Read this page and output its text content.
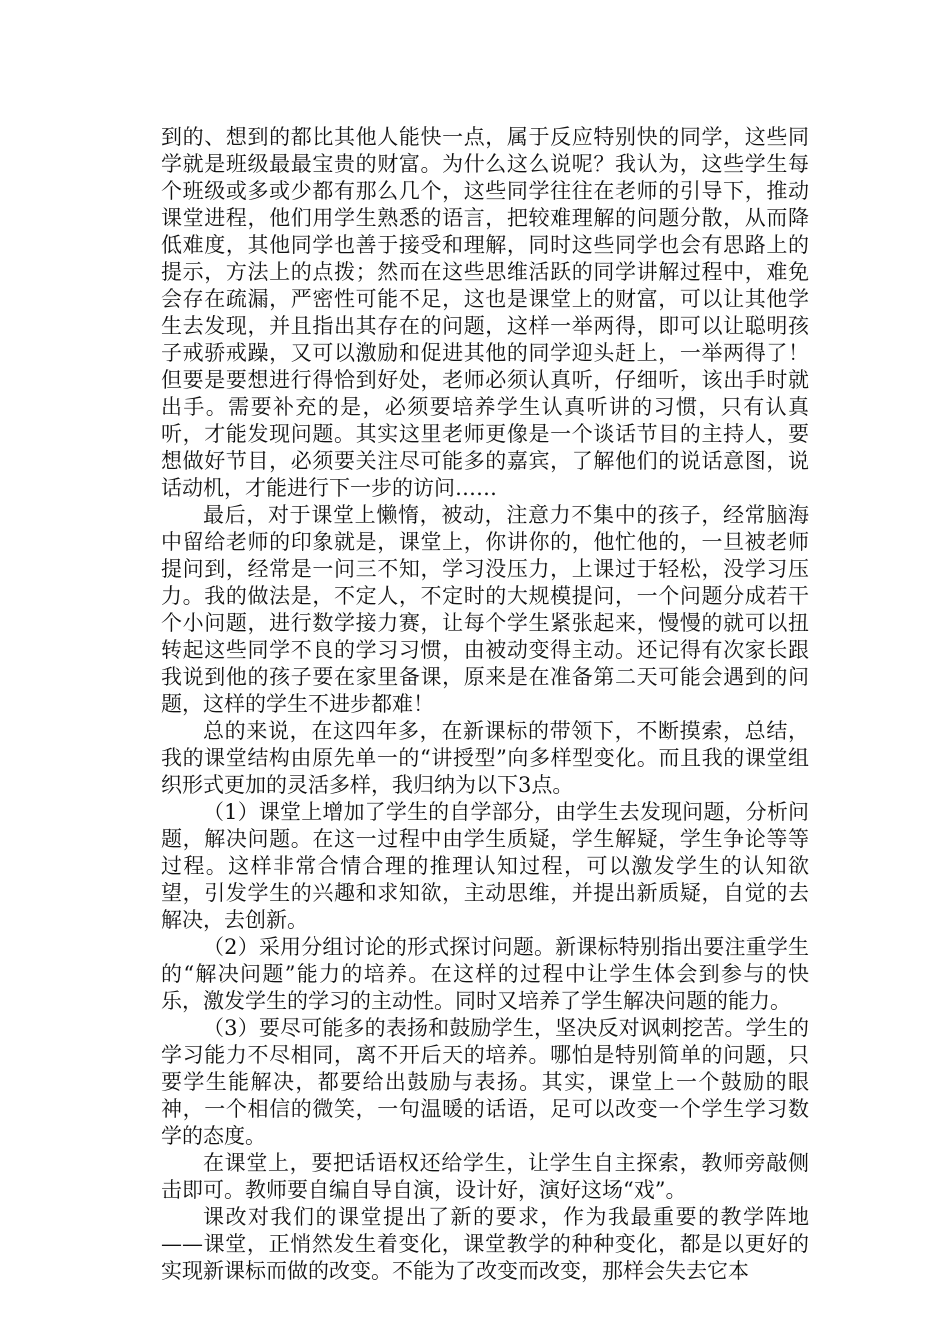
到的、想到的都比其他人能快一点，属于反应特别快的同学，这些同学就是班级最最宝贵的财富。为什么这么说呢？我认为，这些学生每个班级或多或少都有那么几个，这些同学往往在老师的引导下，推动课堂进程，他们用学生熟悉的语言，把较难理解的问题分散，从而降低难度，其他同学也善于接受和理解，同时这些同学也会有思路上的提示，方法上的点拨；然而在这些思维活跃的同学讲解过程中，难免会存在疏漏，严密性可能不足，这也是课堂上的财富，可以让其他学生去发现，并且指出其存在的问题，这样一举两得，即可以让聪明孩子戒骄戒躁，又可以激励和促进其他的同学迎头赶上，一举两得了！但要是要想进行得恰到好处，老师必须认真听，仔细听，该出手时就出手。需要补充的是，必须要培养学生认真听讲的习惯，只有认真听，才能发现问题。其实这里老师更像是一个谈话节目的主持人，要想做好节目，必须要关注尽可能多的嘉宾，了解他们的说话意图，说话动机，才能进行下一步的访问……

最后，对于课堂上懒惰，被动，注意力不集中的孩子，经常脑海中留给老师的印象就是，课堂上，你讲你的，他忙他的，一旦被老师提问到，经常是一问三不知，学习没压力，上课过于轻松，没学习压力。我的做法是，不定人，不定时的大规模提问，一个问题分成若干个小问题，进行数学接力赛，让每个学生紧张起来，慢慢的就可以扭转起这些同学不良的学习习惯，由被动变得主动。还记得有次家长跟我说到他的孩子要在家里备课，原来是在准备第二天可能会遇到的问题，这样的学生不进步都难！

总的来说，在这四年多，在新课标的带领下，不断摸索，总结，我的课堂结构由原先单一的“讲授型”向多样型变化。而且我的课堂组织形式更加的灵活多样，我归纳为以下3点。

（1）课堂上增加了学生的自学部分，由学生去发现问题，分析问题，解决问题。在这一过程中由学生质疑，学生解疑，学生争论等等过程。这样非常合情合理的推理认知过程，可以激发学生的认知欲望，引发学生的兴趣和求知欲，主动思维，并提出新质疑，自觉的去解决，去创新。

（2）采用分组讨论的形式探讨问题。新课标特别指出要注重学生的“解决问题”能力的培养。在这样的过程中让学生体会到参与的快乐，激发学生的学习的主动性。同时又培养了学生解决问题的能力。

（3）要尽可能多的表扬和鼓励学生，坚决反对讽刺挖苦。学生的学习能力不尽相同，离不开后天的培养。哪怕是特别简单的问题，只要学生能解决，都要给出鼓励与表扬。其实，课堂上一个鼓励的眼神，一个相信的微笑，一句温暖的话语，足可以改变一个学生学习数学的态度。

在课堂上，要把话语权还给学生，让学生自主探索，教师旁敲侧击即可。教师要自编自导自演，设计好，演好这场“戏”。

课改对我们的课堂提出了新的要求，作为我最重要的教学阵地——课堂，正悄然发生着变化，课堂教学的种种变化，都是以更好的实现新课标而做的改变。不能为了改变而改变，那样会失去它本
